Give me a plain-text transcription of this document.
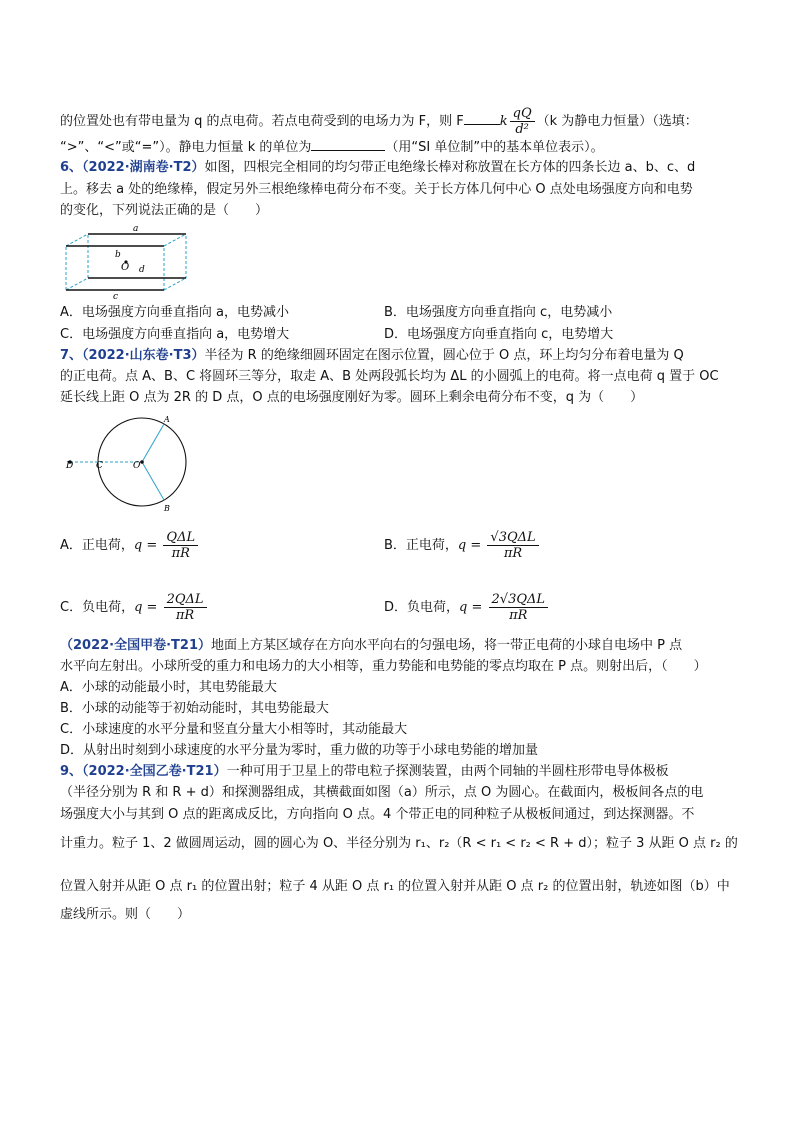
的位置处也有带电量为 q 的点电荷。若点电荷受到的电场力为 F，则 F	k $\frac{qQ}{\text{d²}} (k$ 为静电力恒量）（选填：
“>”、“<”或“=”）。静电力恒量 k 的单位为	（用“SI 单位制”中的基本单位表示）。
6、（2022·湖南卷·T2）如图，四根完全相同的均匀带正电绝缘长棒对称放置在长方体的四条长边 a、b、c、d
上。移去 a 处的绝缘棒，假定另外三根绝缘棒电荷分布不变。关于长方体几何中心 O 点处电场强度方向和电势
的变化，下列说法正确的是（　　）
a
b
O d
c
A．电场强度方向垂直指向 a，电势减小	B．电场强度方向垂直指向 c，电势减小
C．电场强度方向垂直指向 a，电势增大	D．电场强度方向垂直指向 c，电势增大
7、（2022·山东卷·T3）半径为 R 的绝缘细圆环固定在图示位置，圆心位于 O 点，环上均匀分布着电量为 Q
的正电荷。点 A、B、C 将圆环三等分，取走 A、B 处两段弧长均为 ΔL 的小圆弧上的电荷。将一点电荷 q 置于 OC
延长线上距 O 点为 2R 的 D 点，O 点的电场强度刚好为零。圆环上剩余电荷分布不变，q 为（　　）
A
B
C
D	O
A．正电荷，$q = \frac{\text{QΔL}}{\pi R}$	B．正电荷，$q = \frac{\text{√3QΔL}}{\pi R}$
C．负电荷，$q = \frac{\text{2QΔL}}{\pi R}$	D．负电荷，$q = \frac{\text{2√3QΔL}}{\pi R}$
（2022·全国甲卷·T21）地面上方某区域存在方向水平向右的匀强电场，将一带正电荷的小球自电场中 P 点
水平向左射出。小球所受的重力和电场力的大小相等，重力势能和电势能的零点均取在 P 点。则射出后，（　　）
A．小球的动能最小时，其电势能最大
B．小球的动能等于初始动能时，其电势能最大
C．小球速度的水平分量和竖直分量大小相等时，其动能最大
D．从射出时刻到小球速度的水平分量为零时，重力做的功等于小球电势能的增加量
9、（2022·全国乙卷·T21）一种可用于卫星上的带电粒子探测装置，由两个同轴的半圆柱形带电导体极板
（半径分别为 R 和 R + d）和探测器组成，其横截面如图（a）所示，点 O 为圆心。在截面内，极板间各点的电
场强度大小与其到 O 点的距离成反比，方向指向 O 点。4 个带正电的同种粒子从极板间通过，到达探测器。不
计重力。粒子 1、2 做圆周运动，圆的圆心为 O、半径分别为 r₁、r₂（R < r₁ < r₂ < R + d）；粒子 3 从距 O 点 r₂ 的
位置入射并从距 O 点 r₁ 的位置出射；粒子 4 从距 O 点 r₁ 的位置入射并从距 O 点 r₂ 的位置出射，轨迹如图（b）中
虚线所示。则（　　）
